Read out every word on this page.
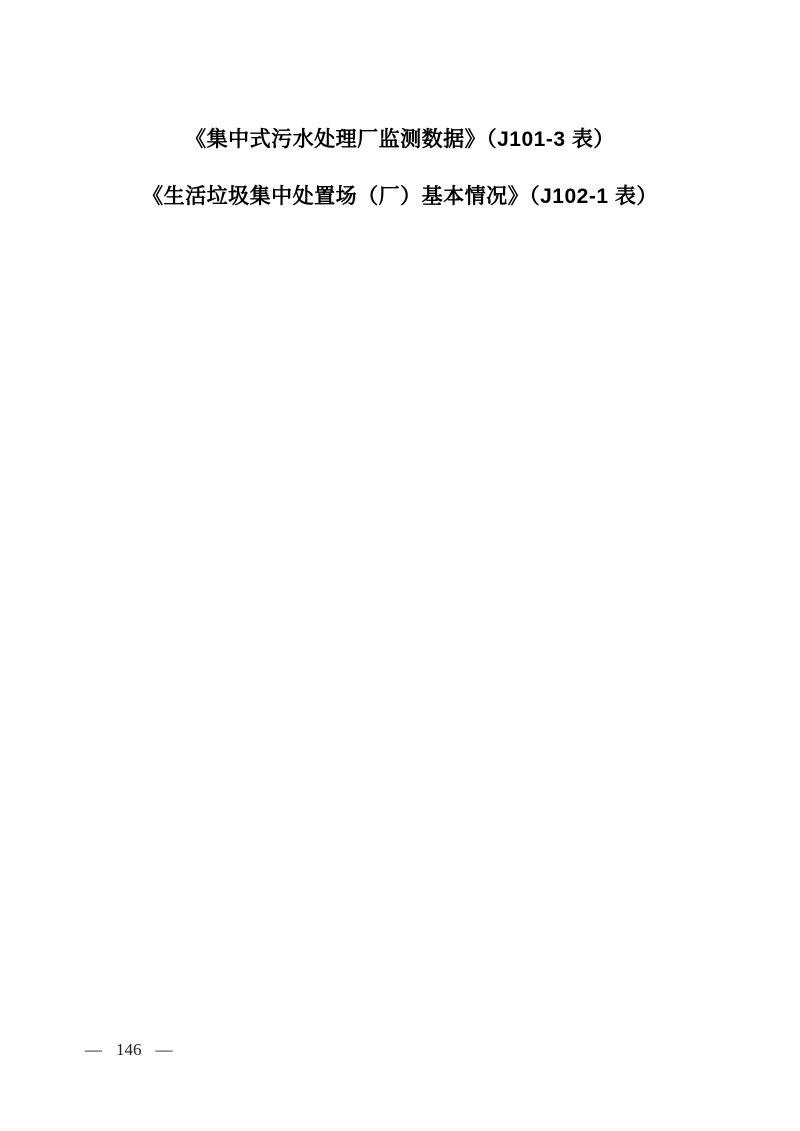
《集中式污水处理厂监测数据》（J101-3 表）
《生活垃圾集中处置场（厂）基本情况》（J102-1 表）
— 146 —
